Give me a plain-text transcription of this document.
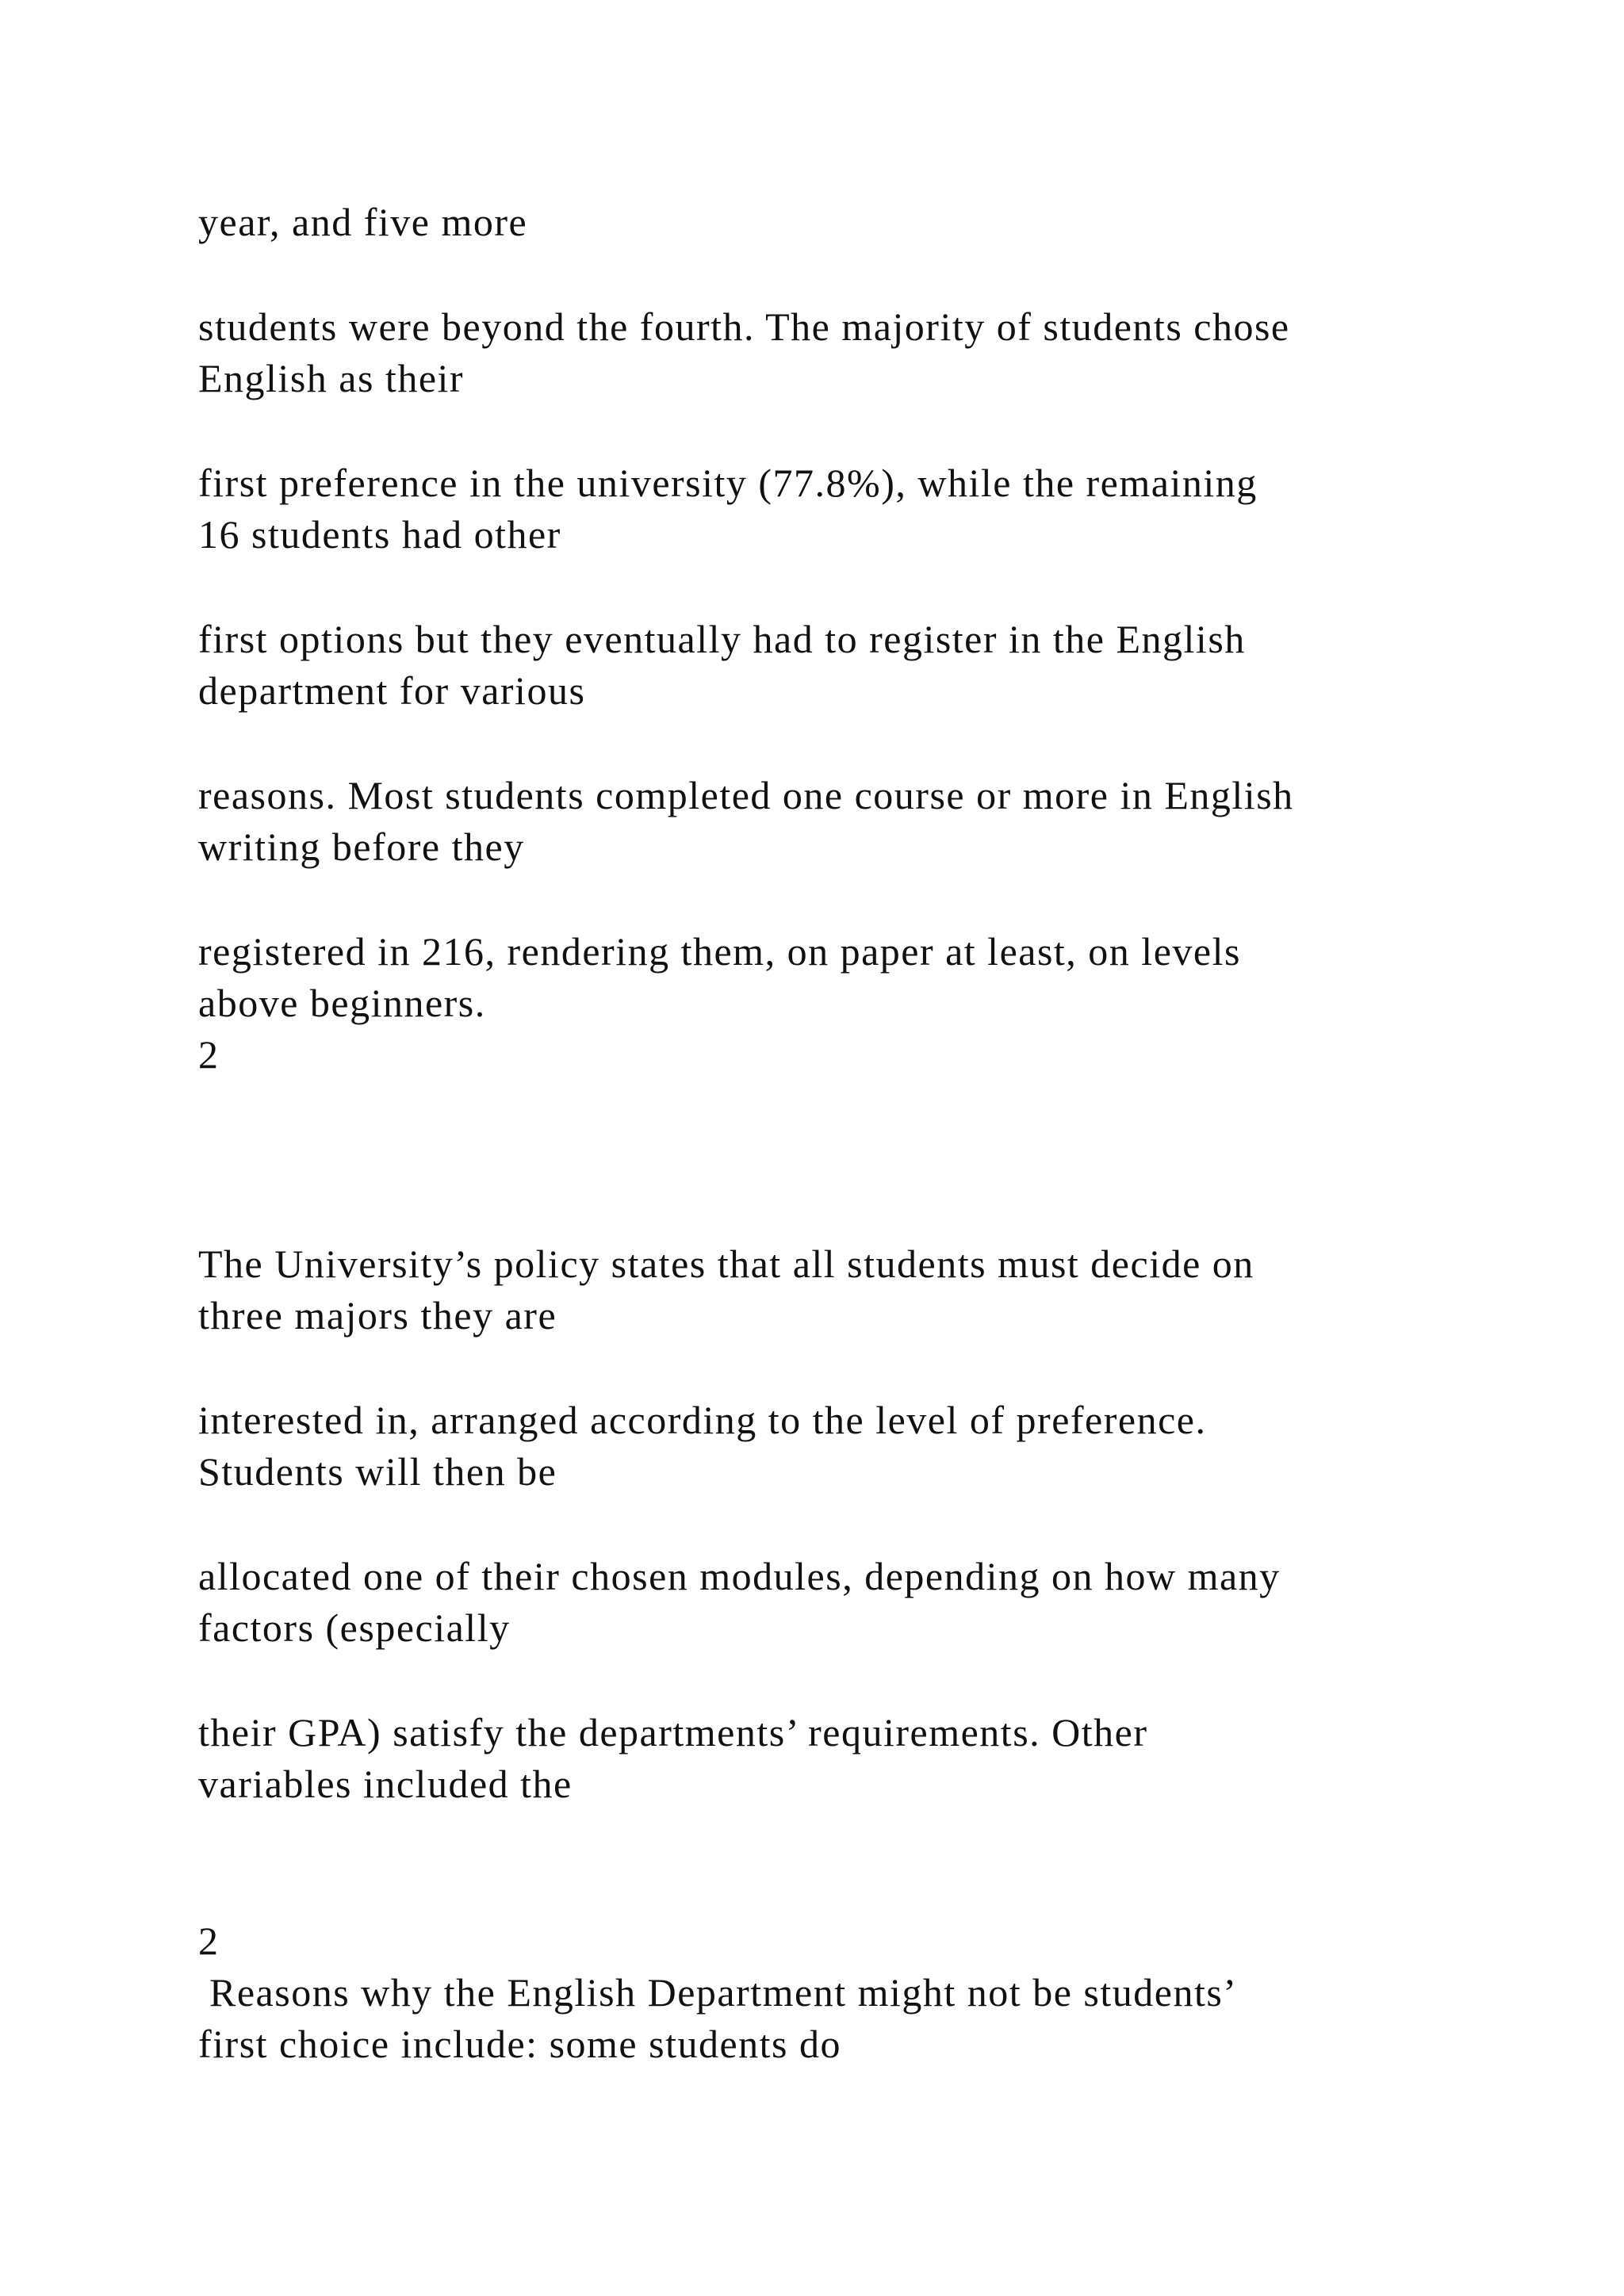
year, and five more
students were beyond the fourth. The majority of students chose
English as their
first preference in the university (77.8%), while the remaining
16 students had other
first options but they eventually had to register in the English
department for various
reasons. Most students completed one course or more in English
writing before they
registered in 216, rendering them, on paper at least, on levels
above beginners.
2
The University’s policy states that all students must decide on
three majors they are
interested in, arranged according to the level of preference.
Students will then be
allocated one of their chosen modules, depending on how many
factors (especially
their GPA) satisfy the departments’ requirements. Other
variables included the
2
Reasons why the English Department might not be students’
first choice include: some students do
